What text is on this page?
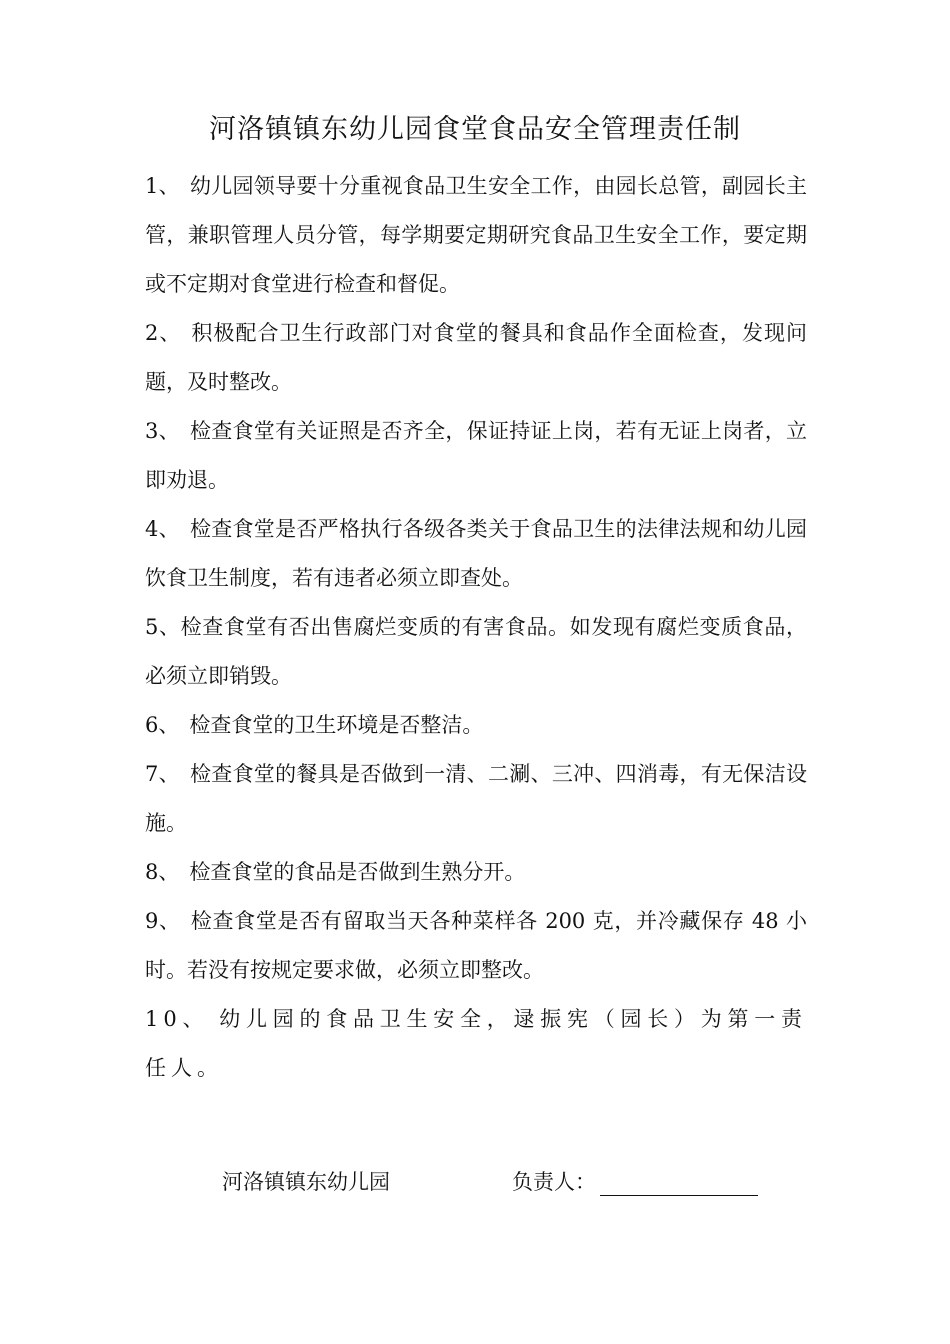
河洛镇镇东幼儿园食堂食品安全管理责任制

1、 幼儿园领导要十分重视食品卫生安全工作，由园长总管，副园长主管，兼职管理人员分管，每学期要定期研究食品卫生安全工作，要定期或不定期对食堂进行检查和督促。

2、 积极配合卫生行政部门对食堂的餐具和食品作全面检查，发现问题，及时整改。

3、 检查食堂有关证照是否齐全，保证持证上岗，若有无证上岗者，立即劝退。

4、 检查食堂是否严格执行各级各类关于食品卫生的法律法规和幼儿园饮食卫生制度，若有违者必须立即查处。

5、检查食堂有否出售腐烂变质的有害食品。如发现有腐烂变质食品，必须立即销毁。

6、 检查食堂的卫生环境是否整洁。

7、 检查食堂的餐具是否做到一清、二涮、三冲、四消毒，有无保洁设施。

8、 检查食堂的食品是否做到生熟分开。

9、 检查食堂是否有留取当天各种菜样各 200 克，并冷藏保存 48 小时。若没有按规定要求做，必须立即整改。

10、 幼儿园的食品卫生安全，逯振宪（园长）为第一责任人。

河洛镇镇东幼儿园	负责人：
